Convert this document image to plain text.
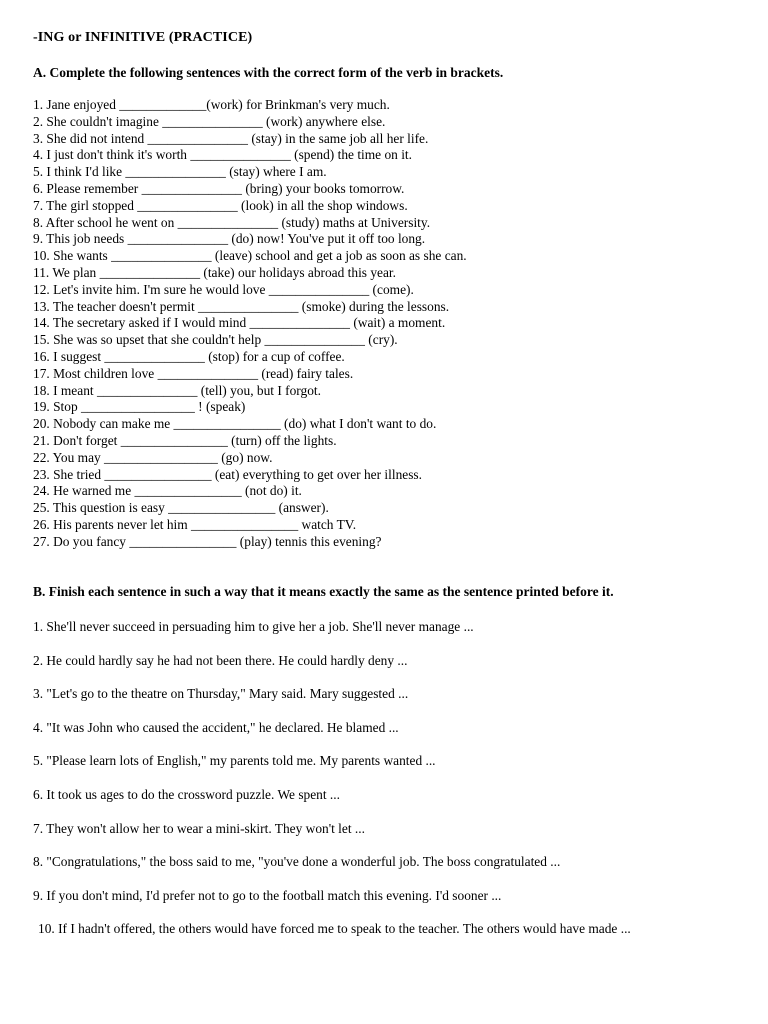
-ING or INFINITIVE (PRACTICE)
A. Complete the following sentences with the correct form of the verb in brackets.
1. Jane enjoyed _____________(work) for Brinkman's very much.
2. She couldn't imagine _______________ (work) anywhere else.
3. She did not intend _______________ (stay) in the same job all her life.
4. I just don't think it's worth _______________ (spend) the time on it.
5. I think I'd like _______________ (stay) where I am.
6. Please remember _______________ (bring) your books tomorrow.
7. The girl stopped _______________ (look) in all the shop windows.
8. After school he went on _______________ (study) maths at University.
9. This job needs _______________ (do) now! You've put it off too long.
10. She wants _______________ (leave) school and get a job as soon as she can.
11. We plan _______________ (take) our holidays abroad this year.
12. Let's invite him. I'm sure he would love _______________ (come).
13. The teacher doesn't permit _______________ (smoke) during the lessons.
14. The secretary asked if I would mind _______________ (wait) a moment.
15. She was so upset that she couldn't help _______________ (cry).
16. I suggest _______________ (stop) for a cup of coffee.
17. Most children love _______________ (read) fairy tales.
18. I meant _______________ (tell) you, but I forgot.
19. Stop _________________ ! (speak)
20. Nobody can make me ________________ (do) what I don't want to do.
21. Don't forget ________________ (turn) off the lights.
22. You may _________________ (go) now.
23. She tried ________________ (eat) everything to get over her illness.
24. He warned me ________________ (not do) it.
25. This question is easy ________________ (answer).
26. His parents never let him ________________ watch TV.
27. Do you fancy ________________ (play) tennis this evening?
B. Finish each sentence in such a way that it means exactly the same as the sentence printed before it.
1. She'll never succeed in persuading him to give her a job. She'll never manage ...
2. He could hardly say he had not been there. He could hardly deny ...
3. "Let's go to the theatre on Thursday," Mary said. Mary suggested ...
4. "It was John who caused the accident," he declared. He blamed ...
5. "Please learn lots of English," my parents told me. My parents wanted ...
6. It took us ages to do the crossword puzzle. We spent ...
7. They won't allow her to wear a mini-skirt. They won't let ...
8. "Congratulations," the boss said to me, "you've done a wonderful job. The boss congratulated ...
9. If you don't mind, I'd prefer not to go to the football match this evening. I'd sooner ...
10. If I hadn't offered, the others would have forced me to speak to the teacher. The others would have made ...
